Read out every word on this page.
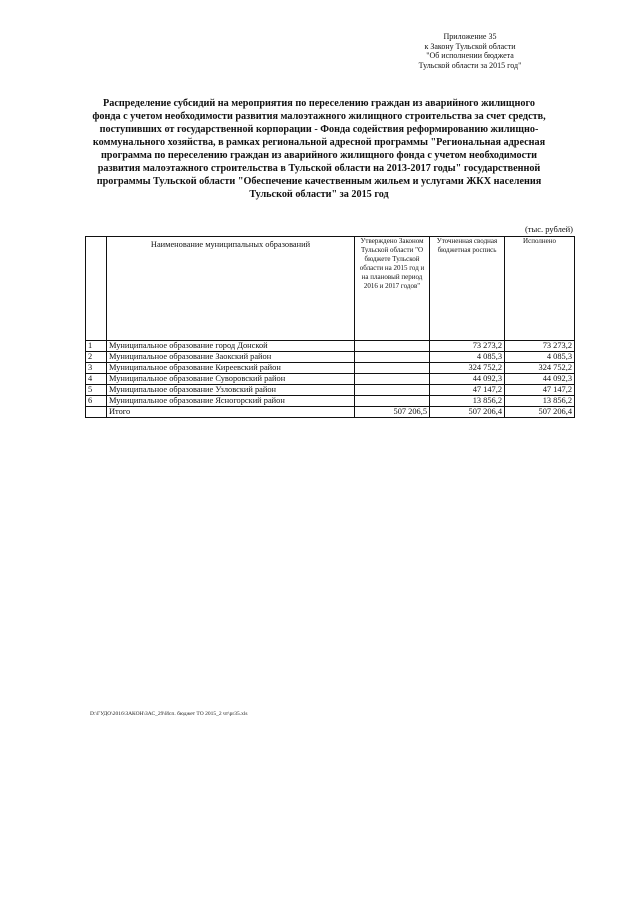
Приложение 35
к Закону Тульской области
"Об исполнении бюджета
Тульской области за 2015 год"
Распределение субсидий на мероприятия по переселению граждан из аварийного жилищного фонда с учетом необходимости развития малоэтажного жилищного строительства за счет средств, поступивших от государственной корпорации - Фонда содействия реформированию жилищно-коммунального хозяйства, в рамках региональной адресной программы "Региональная адресная программа по переселению граждан из аварийного жилищного фонда с учетом необходимости развития малоэтажного строительства в Тульской области на 2013-2017 годы" государственной программы Тульской области "Обеспечение качественным жильем и услугами ЖКХ населения Тульской области" за 2015 год
(тыс. рублей)
	Наименование муниципальных образований	Утверждено Законом Тульской области "О бюджете Тульской области на 2015 год и на плановый период 2016 и 2017 годов"	Уточненная сводная бюджетная роспись	Исполнено
1	Муниципальное образование город Донской		73 273,2	73 273,2
2	Муниципальное образование Заокский район		4 085,3	4 085,3
3	Муниципальное образование Киреевский район		324 752,2	324 752,2
4	Муниципальное образование Суворовский район		44 092,3	44 092,3
5	Муниципальное образование Узловский район		47 147,2	47 147,2
6	Муниципальное образование Ясногорский район		13 856,2	13 856,2
	Итого	507 206,5	507 206,4	507 206,4
D:\ГУДО\2016\ЗАКОН\ЗАС_29\Исп. бюджет ТО 2015_2 чт\pr35.xls
